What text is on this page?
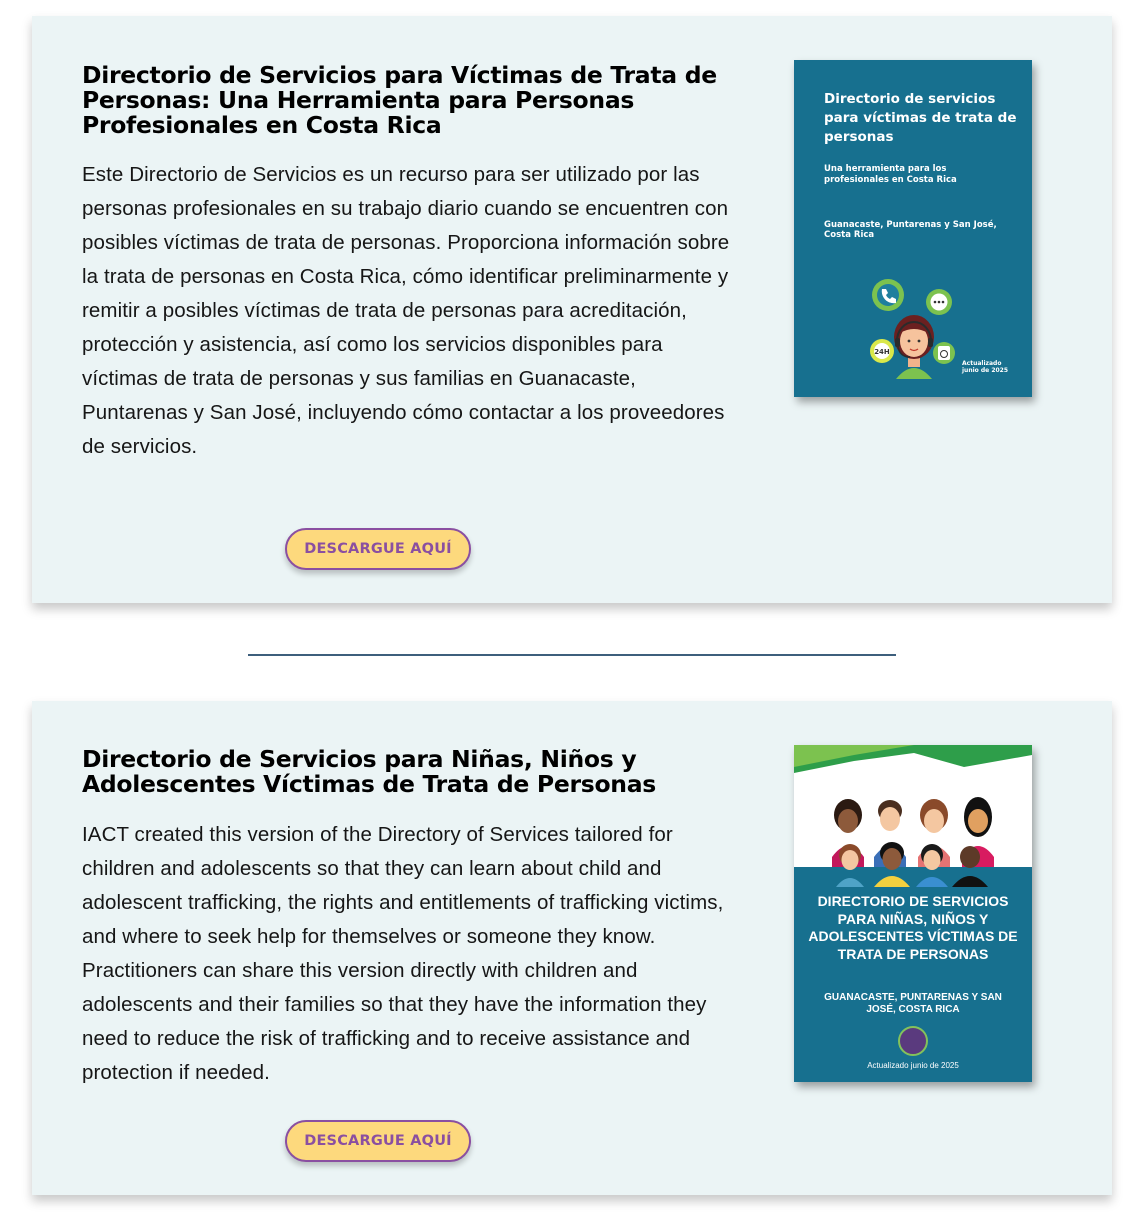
Directorio de Servicios para Víctimas de Trata de Personas: Una Herramienta para Personas Profesionales en Costa Rica

Este Directorio de Servicios es un recurso para ser utilizado por las personas profesionales en su trabajo diario cuando se encuentren con posibles víctimas de trata de personas. Proporciona información sobre la trata de personas en Costa Rica, cómo identificar preliminarmente y remitir a posibles víctimas de trata de personas para acreditación, protección y asistencia, así como los servicios disponibles para víctimas de trata de personas y sus familias en Guanacaste, Puntarenas y San José, incluyendo cómo contactar a los proveedores de servicios.

DESCARGUE AQUÍ
Directorio de servicios para víctimas de trata de personas
Una herramienta para los profesionales en Costa Rica
Guanacaste, Puntarenas y San José, Costa Rica
24H
Actualizado junio de 2025
Directorio de Servicios para Niñas, Niños y Adolescentes Víctimas de Trata de Personas

IACT created this version of the Directory of Services tailored for children and adolescents so that they can learn about child and adolescent trafficking, the rights and entitlements of trafficking victims, and where to seek help for themselves or someone they know. Practitioners can share this version directly with children and adolescents and their families so that they have the information they need to reduce the risk of trafficking and to receive assistance and protection if needed.

DESCARGUE AQUÍ
DIRECTORIO DE SERVICIOS PARA NIÑAS, NIÑOS Y ADOLESCENTES VÍCTIMAS DE TRATA DE PERSONAS
GUANACASTE, PUNTARENAS Y SAN JOSÉ, COSTA RICA
Actualizado junio de 2025
